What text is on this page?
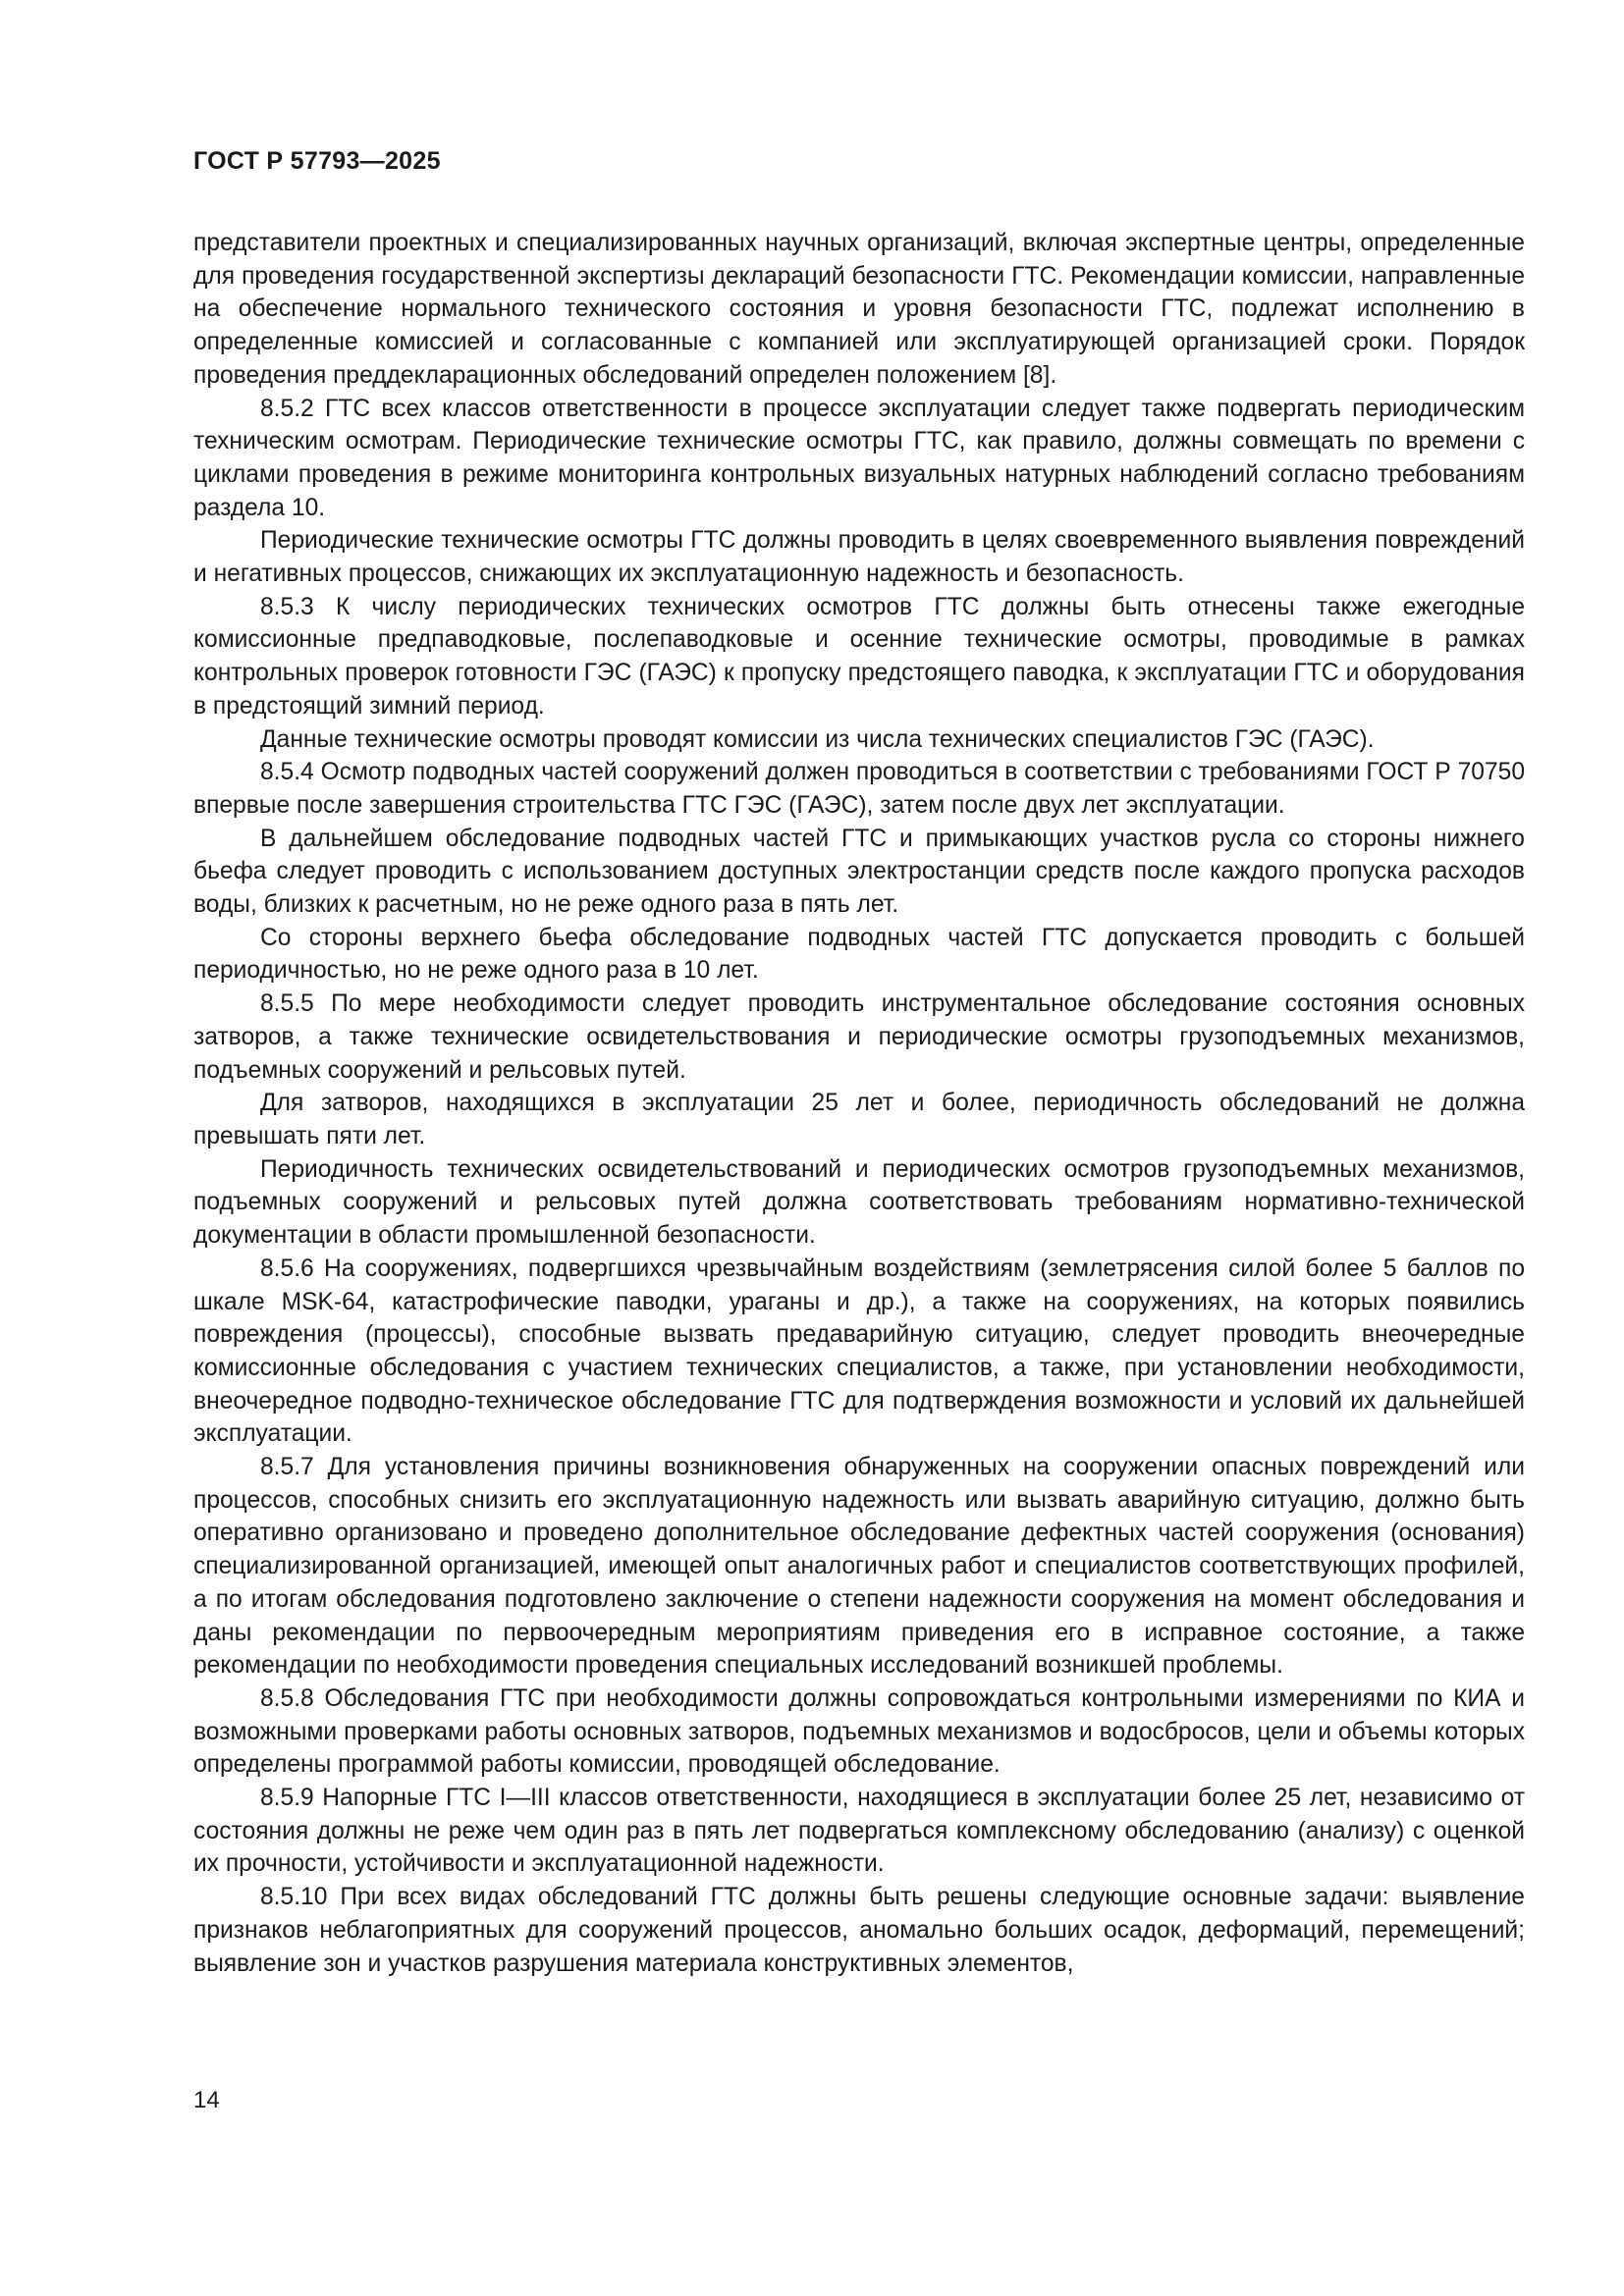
ГОСТ Р 57793—2025

представители проектных и специализированных научных организаций, включая экспертные центры, определенные для проведения государственной экспертизы деклараций безопасности ГТС. Рекомендации комиссии, направленные на обеспечение нормального технического состояния и уровня безопасности ГТС, подлежат исполнению в определенные комиссией и согласованные с компанией или эксплуатирующей организацией сроки. Порядок проведения преддекларационных обследований определен положением [8].

8.5.2 ГТС всех классов ответственности в процессе эксплуатации следует также подвергать периодическим техническим осмотрам. Периодические технические осмотры ГТС, как правило, должны совмещать по времени с циклами проведения в режиме мониторинга контрольных визуальных натурных наблюдений согласно требованиям раздела 10.

Периодические технические осмотры ГТС должны проводить в целях своевременного выявления повреждений и негативных процессов, снижающих их эксплуатационную надежность и безопасность.

8.5.3 К числу периодических технических осмотров ГТС должны быть отнесены также ежегодные комиссионные предпаводковые, послепаводковые и осенние технические осмотры, проводимые в рамках контрольных проверок готовности ГЭС (ГАЭС) к пропуску предстоящего паводка, к эксплуатации ГТС и оборудования в предстоящий зимний период.

Данные технические осмотры проводят комиссии из числа технических специалистов ГЭС (ГАЭС).

8.5.4 Осмотр подводных частей сооружений должен проводиться в соответствии с требованиями ГОСТ Р 70750 впервые после завершения строительства ГТС ГЭС (ГАЭС), затем после двух лет эксплуатации.

В дальнейшем обследование подводных частей ГТС и примыкающих участков русла со стороны нижнего бьефа следует проводить с использованием доступных электростанции средств после каждого пропуска расходов воды, близких к расчетным, но не реже одного раза в пять лет.

Со стороны верхнего бьефа обследование подводных частей ГТС допускается проводить с большей периодичностью, но не реже одного раза в 10 лет.

8.5.5 По мере необходимости следует проводить инструментальное обследование состояния основных затворов, а также технические освидетельствования и периодические осмотры грузоподъемных механизмов, подъемных сооружений и рельсовых путей.

Для затворов, находящихся в эксплуатации 25 лет и более, периодичность обследований не должна превышать пяти лет.

Периодичность технических освидетельствований и периодических осмотров грузоподъемных механизмов, подъемных сооружений и рельсовых путей должна соответствовать требованиям нормативно-технической документации в области промышленной безопасности.

8.5.6 На сооружениях, подвергшихся чрезвычайным воздействиям (землетрясения силой более 5 баллов по шкале MSK-64, катастрофические паводки, ураганы и др.), а также на сооружениях, на которых появились повреждения (процессы), способные вызвать предаварийную ситуацию, следует проводить внеочередные комиссионные обследования с участием технических специалистов, а также, при установлении необходимости, внеочередное подводно-техническое обследование ГТС для подтверждения возможности и условий их дальнейшей эксплуатации.

8.5.7 Для установления причины возникновения обнаруженных на сооружении опасных повреждений или процессов, способных снизить его эксплуатационную надежность или вызвать аварийную ситуацию, должно быть оперативно организовано и проведено дополнительное обследование дефектных частей сооружения (основания) специализированной организацией, имеющей опыт аналогичных работ и специалистов соответствующих профилей, а по итогам обследования подготовлено заключение о степени надежности сооружения на момент обследования и даны рекомендации по первоочередным мероприятиям приведения его в исправное состояние, а также рекомендации по необходимости проведения специальных исследований возникшей проблемы.

8.5.8 Обследования ГТС при необходимости должны сопровождаться контрольными измерениями по КИА и возможными проверками работы основных затворов, подъемных механизмов и водосбросов, цели и объемы которых определены программой работы комиссии, проводящей обследование.

8.5.9 Напорные ГТС I—III классов ответственности, находящиеся в эксплуатации более 25 лет, независимо от состояния должны не реже чем один раз в пять лет подвергаться комплексному обследованию (анализу) с оценкой их прочности, устойчивости и эксплуатационной надежности.

8.5.10 При всех видах обследований ГТС должны быть решены следующие основные задачи: выявление признаков неблагоприятных для сооружений процессов, аномально больших осадок, деформаций, перемещений; выявление зон и участков разрушения материала конструктивных элементов,

14
